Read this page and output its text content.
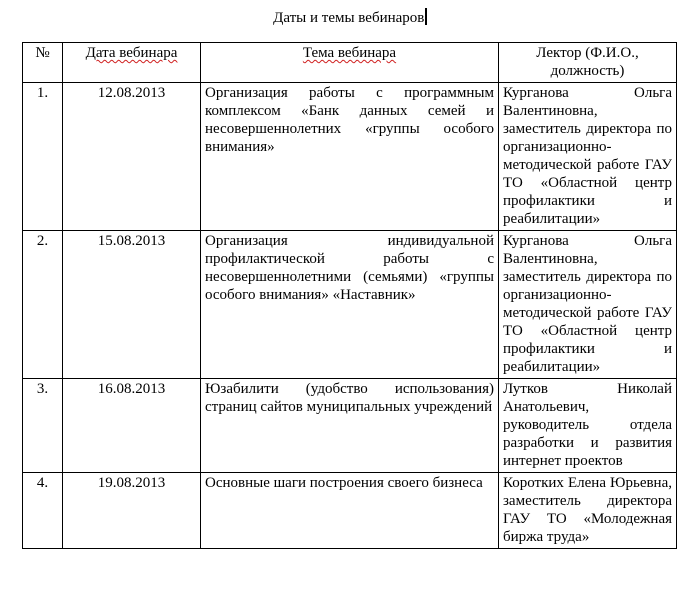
Даты и темы вебинаров
№	Дата вебинара	Тема вебинара	Лектор (Ф.И.О., должность)
1.	12.08.2013	Организация работы с программным комплексом «Банк данных семей и несовершеннолетних «группы особого внимания»	Курганова Ольга Валентиновна, заместитель директора по организационно-методической работе ГАУ ТО «Областной центр профилактики и реабилитации»
2.	15.08.2013	Организация индивидуальной профилактической работы с несовершеннолетними (семьями) «группы особого внимания» «Наставник»	Курганова Ольга Валентиновна, заместитель директора по организационно-методической работе ГАУ ТО «Областной центр профилактики и реабилитации»
3.	16.08.2013	Юзабилити (удобство использования) страниц сайтов муниципальных учреждений	Лутков Николай Анатольевич, руководитель отдела разработки и развития интернет проектов
4.	19.08.2013	Основные шаги построения своего бизнеса	Коротких Елена Юрьевна, заместитель директора ГАУ ТО «Молодежная биржа труда»
